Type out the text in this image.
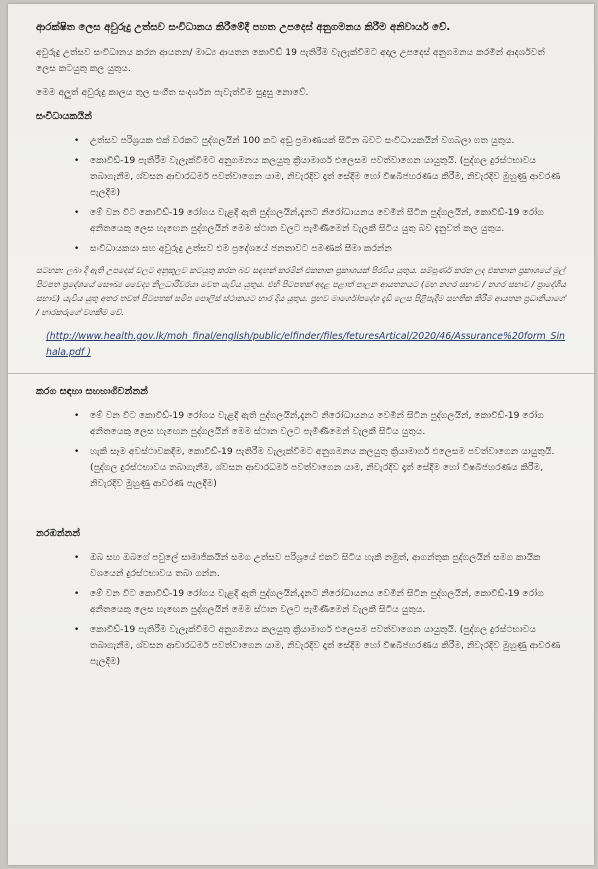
ආරක්ෂිත ලෙස අවුරුදු උත්සව සංවිධානය කිරීමේදී පහත උපදෙස් අනුගමනය කිරීම අනිවාර්ය වේ.
අවුරුදු උත්සව සංවිධානය කරන ආයතන/ මාධ්‍ය ආයතන කොවිඩ් 19 පැතිරීම වැලැක්වීමට අදාල උපදෙස් අනුගමනය කරමින් ආදර්ශවත් ලෙස කටයුතු කල යුතුය.
මෙම අලුත් අවුරුදු කාලය තුල සංගීත සංදර්ශන පැවැත්වීම සුදුසු නොවේ.
සංවිධායකයින්
• උත්සව පරිශ්‍රයක එක් වරකට පුද්ගලයින් 100 කට අඩු ප්‍රමාණයක් සිටින බවට සංවිධායකයින් වගබලා ගත යුතුය.
• කොවිඩ්-19 පැතිරීම වැලැක්වීමට අනුගමනය කලයුතු ක්‍රියාමාර්ග එලෙසම පවත්වාගෙන යායුතුයි. (පුද්ගල දුරස්ථභාවය තබාගැනීම, ශ්වසන ආචාරධර්ම පවත්වාගෙන යාම, නිවැරදිව දෑත් සේදීම හෝ විෂබීජහරණය කිරීම, නිවැරදිව මුහුණු ආවරණ පැලදීම)
• මේ වන විට කොවිඩ්-19 රෝගය වැළදී ඇති පුද්ගලයින්,දැනට නිරෝධායනය වෙමින් සිටින පුද්ගලයින්, කොවිඩ්-19 රෝග අනිතයෙකු ලෙස හැඟෙන පුද්ගලයින් මෙම ස්ථාන වලට පැමිණීමෙන් වැලකී සිටිය යුතු බව දැනුවත් කල යුතුය.
• සංවිධායකයා සහ අවුරුදු උත්සව එම ප්‍රදේශයේ ජනතාවට පමණක් සීමා කරන්න
සටහන: ලබා දී ඇති උපදෙස් වලට අනුකූලව කටයුතු කරන බව සඳහන් කරමින් එකනාන ප්‍රකාශයක් පිරවිය යුතුය. සම්පූර්ණ කරන ලද එකනාන ප්‍රකාශයේ මුල් පිටපත ප්‍රදේශයේ සෞඛ්‍ය වෛද්‍ය නිලධාරීවරයා වෙත යැවිය යුතුය. එහි පිටපතක් අදාළ පළාත් පාලන ආයතනයට (මහ නගර සභාව / නගර සභාව / ප්‍රාදේශීය සභාව) යැවිය යුතු අතර තවත් පිටපතක් සමීප පොලිස් ස්ථානයට භාර දිය යුතුය. ප්‍රභව මාර්ගෝපදේශ දැඩි ලෙස පිළිපැදීම සහතික කිරීම ආයතන ප්‍රධානියාගේ / භාරකරුගේ වගකීම වේ.
(http://www.health.gov.lk/moh_final/english/public/elfinder/files/feturesArtical/2020/46/Assurance%20form_Sinhala.pdf )
කරග සඳහා සහභාගිවන්නන්
• මේ වන විට කොවිඩ්-19 රෝගය වැළදී ඇති පුද්ගලයින්,දැනට නිරෝධායනය වෙමින් සිටින පුද්ගලයින්, කොවිඩ්-19 රෝග අනිතයෙකු ලෙස හැඟෙන පුද්ගලයින් මෙම ස්ථාන වලට පැමිණීමෙන් වැලකී සිටිය යුතුය.
• හැකි සෑම අවස්ථාවකදීම, කොවිඩ්-19 පැතිරීම වැලැක්වීමට අනුගමනය කලයුතු ක්‍රියාමාර්ග එලෙසම පවත්වාගෙන යායුතුයි. (පුද්ගල දුරස්ථභාවය තබාගැනීම, ශ්වසන ආචාරධර්ම පවත්වාගෙන යාම, නිවැරදිව දෑත් සේදීම හෝ විෂබීජහරණය කිරීම, නිවැරදිව මුහුණු ආවරණ පැලදීම)
නරඹන්නන්
• ඔබ සහ ඔබගේ පවුලේ සාමාජිකයින් සමග උත්සව පරිශ්‍රයේ එකට සිටිය හැකි නමුත්, ආගන්තුක පුද්ගලයින් සමග කායික වශයෙන් දුරස්ථභාවය තබා ගන්න.
• මේ වන විට කොවිඩ්-19 රෝගය වැළදී ඇති පුද්ගලයින්,දැනට නිරෝධායනය වෙමින් සිටින පුද්ගලයින්, කොවිඩ්-19 රෝග අනිතයෙකු ලෙස හැඟෙන පුද්ගලයින් මෙම ස්ථාන වලට පැමිණීමෙන් වැලකී සිටිය යුතුය.
• කොවිඩ්-19 පැතිරීම වැලැක්වීමට අනුගමනය කලයුතු ක්‍රියාමාර්ග එලෙසම පවත්වාගෙන යායුතුයි. (පුද්ගල දුරස්ථභාවය තබාගැනීම, ශ්වසන ආචාරධර්ම පවත්වාගෙන යාම, නිවැරදිව දෑත් සේදීම හෝ විෂබීජහරණය කිරීම, නිවැරදිව මුහුණු ආවරණ පැලදීම)
